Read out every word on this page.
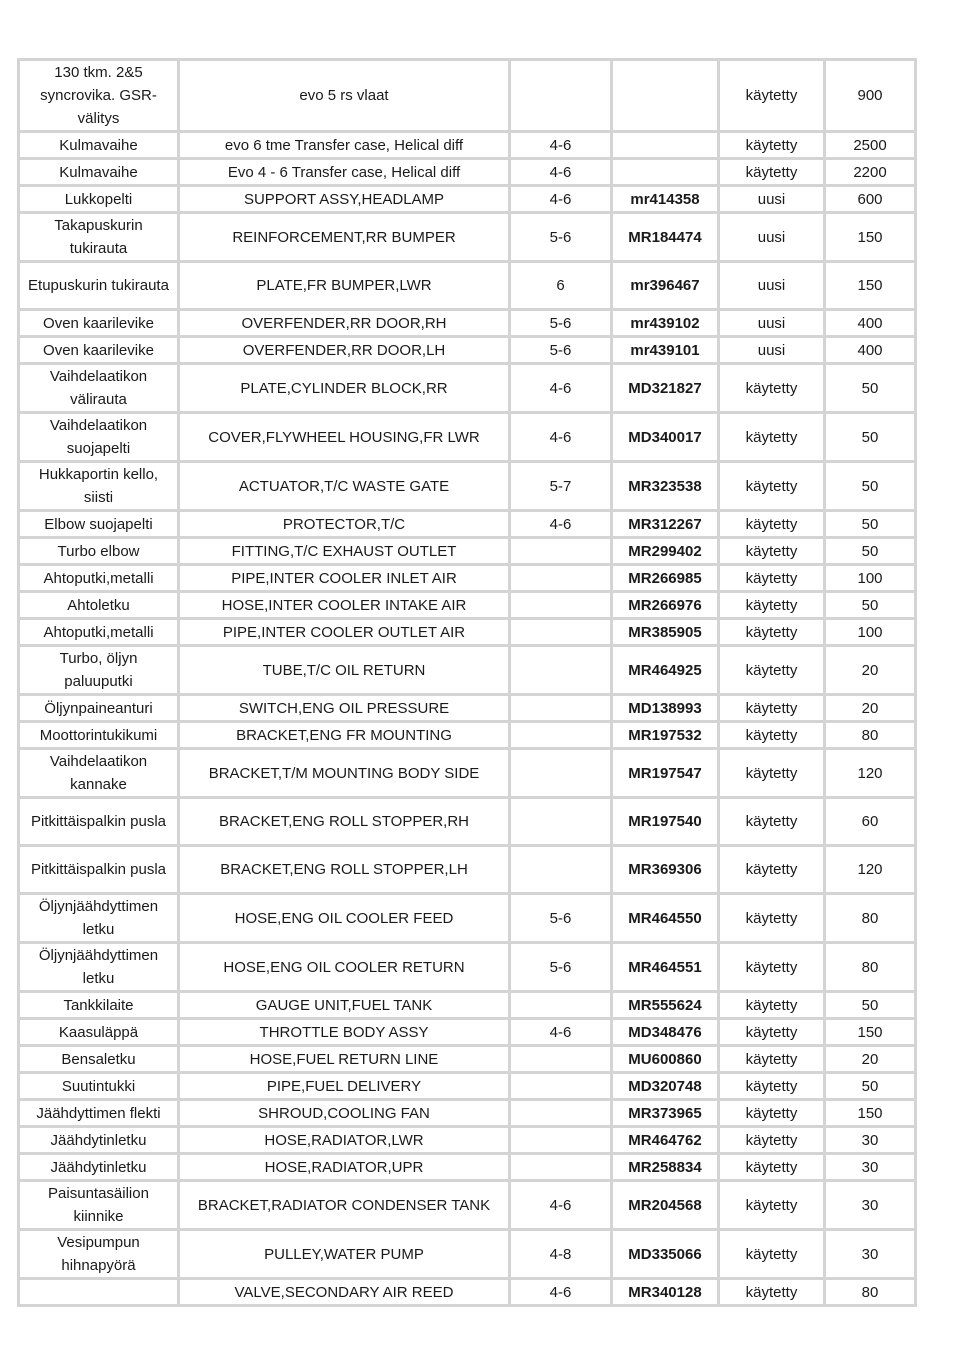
130 tkm. 2&5 syncrovika. GSR-välitys	evo 5 rs vlaat			käytetty	900
Kulmavaihe	evo 6 tme Transfer case, Helical diff	4-6		käytetty	2500
Kulmavaihe	Evo 4 - 6 Transfer case, Helical diff	4-6		käytetty	2200
Lukkopelti	SUPPORT ASSY,HEADLAMP	4-6	mr414358	uusi	600
Takapuskurin tukirauta	REINFORCEMENT,RR BUMPER	5-6	MR184474	uusi	150
Etupuskurin tukirauta	PLATE,FR BUMPER,LWR	6	mr396467	uusi	150
Oven kaarilevike	OVERFENDER,RR DOOR,RH	5-6	mr439102	uusi	400
Oven kaarilevike	OVERFENDER,RR DOOR,LH	5-6	mr439101	uusi	400
Vaihdelaatikon välirauta	PLATE,CYLINDER BLOCK,RR	4-6	MD321827	käytetty	50
Vaihdelaatikon suojapelti	COVER,FLYWHEEL HOUSING,FR LWR	4-6	MD340017	käytetty	50
Hukkaportin kello, siisti	ACTUATOR,T/C WASTE GATE	5-7	MR323538	käytetty	50
Elbow suojapelti	PROTECTOR,T/C	4-6	MR312267	käytetty	50
Turbo elbow	FITTING,T/C EXHAUST OUTLET		MR299402	käytetty	50
Ahtoputki,metalli	PIPE,INTER COOLER INLET AIR		MR266985	käytetty	100
Ahtoletku	HOSE,INTER COOLER INTAKE AIR		MR266976	käytetty	50
Ahtoputki,metalli	PIPE,INTER COOLER OUTLET AIR		MR385905	käytetty	100
Turbo, öljyn paluuputki	TUBE,T/C OIL RETURN		MR464925	käytetty	20
Öljynpaineanturi	SWITCH,ENG OIL PRESSURE		MD138993	käytetty	20
Moottorintukikumi	BRACKET,ENG FR MOUNTING		MR197532	käytetty	80
Vaihdelaatikon kannake	BRACKET,T/M MOUNTING BODY SIDE		MR197547	käytetty	120
Pitkittäispalkin pusla	BRACKET,ENG ROLL STOPPER,RH		MR197540	käytetty	60
Pitkittäispalkin pusla	BRACKET,ENG ROLL STOPPER,LH		MR369306	käytetty	120
Öljynjäähdyttimen letku	HOSE,ENG OIL COOLER FEED	5-6	MR464550	käytetty	80
Öljynjäähdyttimen letku	HOSE,ENG OIL COOLER RETURN	5-6	MR464551	käytetty	80
Tankkilaite	GAUGE UNIT,FUEL TANK		MR555624	käytetty	50
Kaasuläppä	THROTTLE BODY ASSY	4-6	MD348476	käytetty	150
Bensaletku	HOSE,FUEL RETURN LINE		MU600860	käytetty	20
Suutintukki	PIPE,FUEL DELIVERY		MD320748	käytetty	50
Jäähdyttimen flekti	SHROUD,COOLING FAN		MR373965	käytetty	150
Jäähdytinletku	HOSE,RADIATOR,LWR		MR464762	käytetty	30
Jäähdytinletku	HOSE,RADIATOR,UPR		MR258834	käytetty	30
Paisuntasäilion kiinnike	BRACKET,RADIATOR CONDENSER TANK	4-6	MR204568	käytetty	30
Vesipumpun hihnapyörä	PULLEY,WATER PUMP	4-8	MD335066	käytetty	30
	VALVE,SECONDARY AIR REED	4-6	MR340128	käytetty	80
